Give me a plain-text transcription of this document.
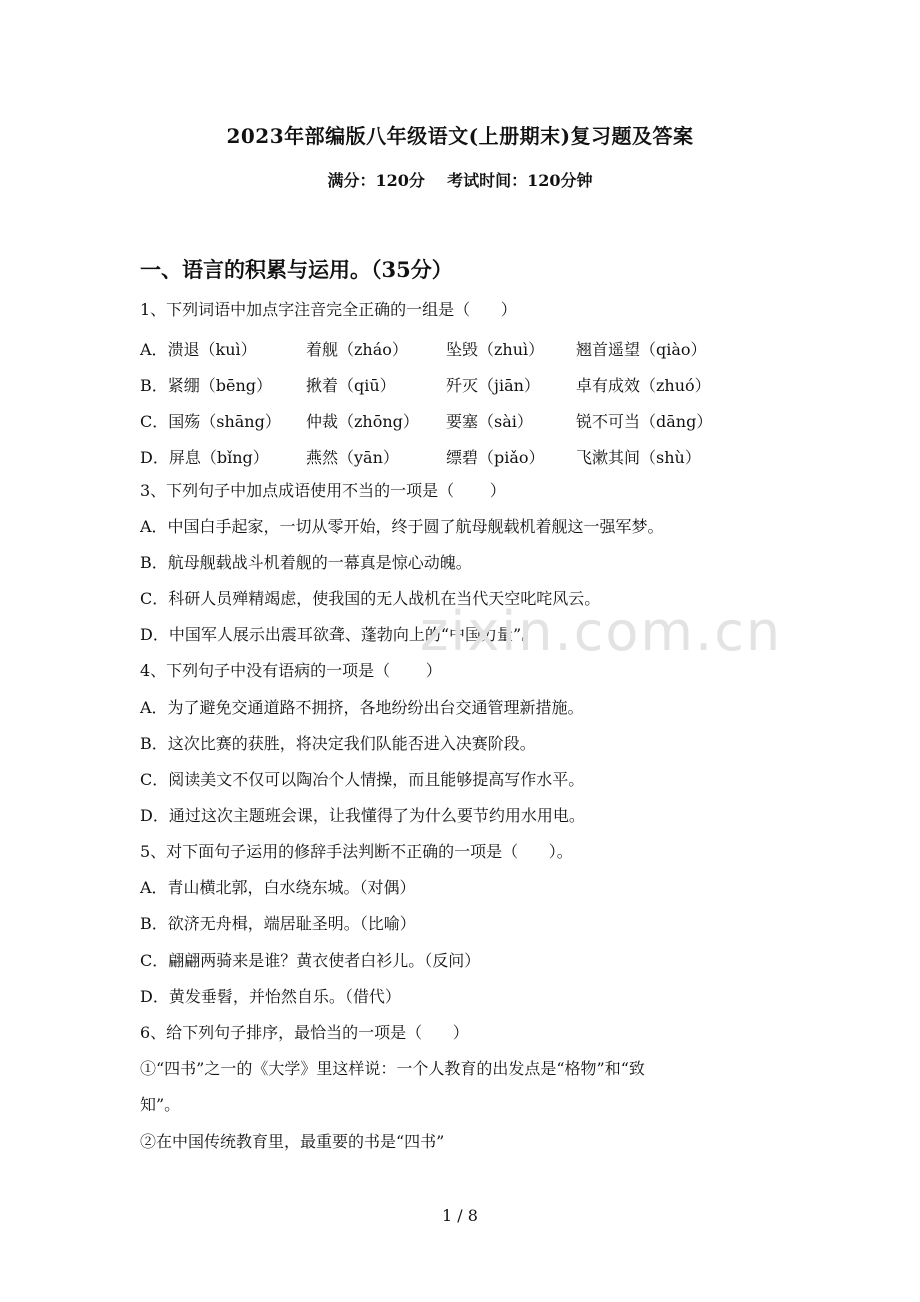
2023年部编版八年级语文(上册期末)复习题及答案
满分：120分    考试时间：120分钟
一、语言的积累与运用。（35分）
1、下列词语中加点字注音完全正确的一组是（      ）
A．溃退（kuì）	着舰（zháo） 坠毁（zhuì） 翘首遥望（qiào）
B．紧绷（bēng） 揪着（qiū）	歼灭（jiān） 卓有成效（zhuó）
C．国殇（shāng） 仲裁（zhōng） 要塞（sài）	锐不可当（dāng）
D．屏息（bǐng） 燕然（yān）	缥碧（piǎo） 飞漱其间（shù）
3、下列句子中加点成语使用不当的一项是（       ）
A．中国白手起家，一切从零开始，终于圆了航母舰载机着舰这一强军梦。
B．航母舰载战斗机着舰的一幕真是惊心动魄。
C．科研人员殚精竭虑，使我国的无人战机在当代天空叱咤风云。
D．中国军人展示出震耳欲聋、蓬勃向上的“中国力量”。
4、下列句子中没有语病的一项是（       ）
A．为了避免交通道路不拥挤，各地纷纷出台交通管理新措施。
B．这次比赛的获胜，将决定我们队能否进入决赛阶段。
C．阅读美文不仅可以陶冶个人情操，而且能够提高写作水平。
D．通过这次主题班会课，让我懂得了为什么要节约用水用电。
5、对下面句子运用的修辞手法判断不正确的一项是（      ）。
A．青山横北郭，白水绕东城。（对偶）
B．欲济无舟楫，端居耻圣明。（比喻）
C．翩翩两骑来是谁？黄衣使者白衫儿。（反问）
D．黄发垂髫，并怡然自乐。（借代）
6、给下列句子排序，最恰当的一项是（      ）
①“四书”之一的《大学》里这样说：一个人教育的出发点是“格物”和“致
知”。
②在中国传统教育里，最重要的书是“四书”
zixin.com.cn
1 / 8
